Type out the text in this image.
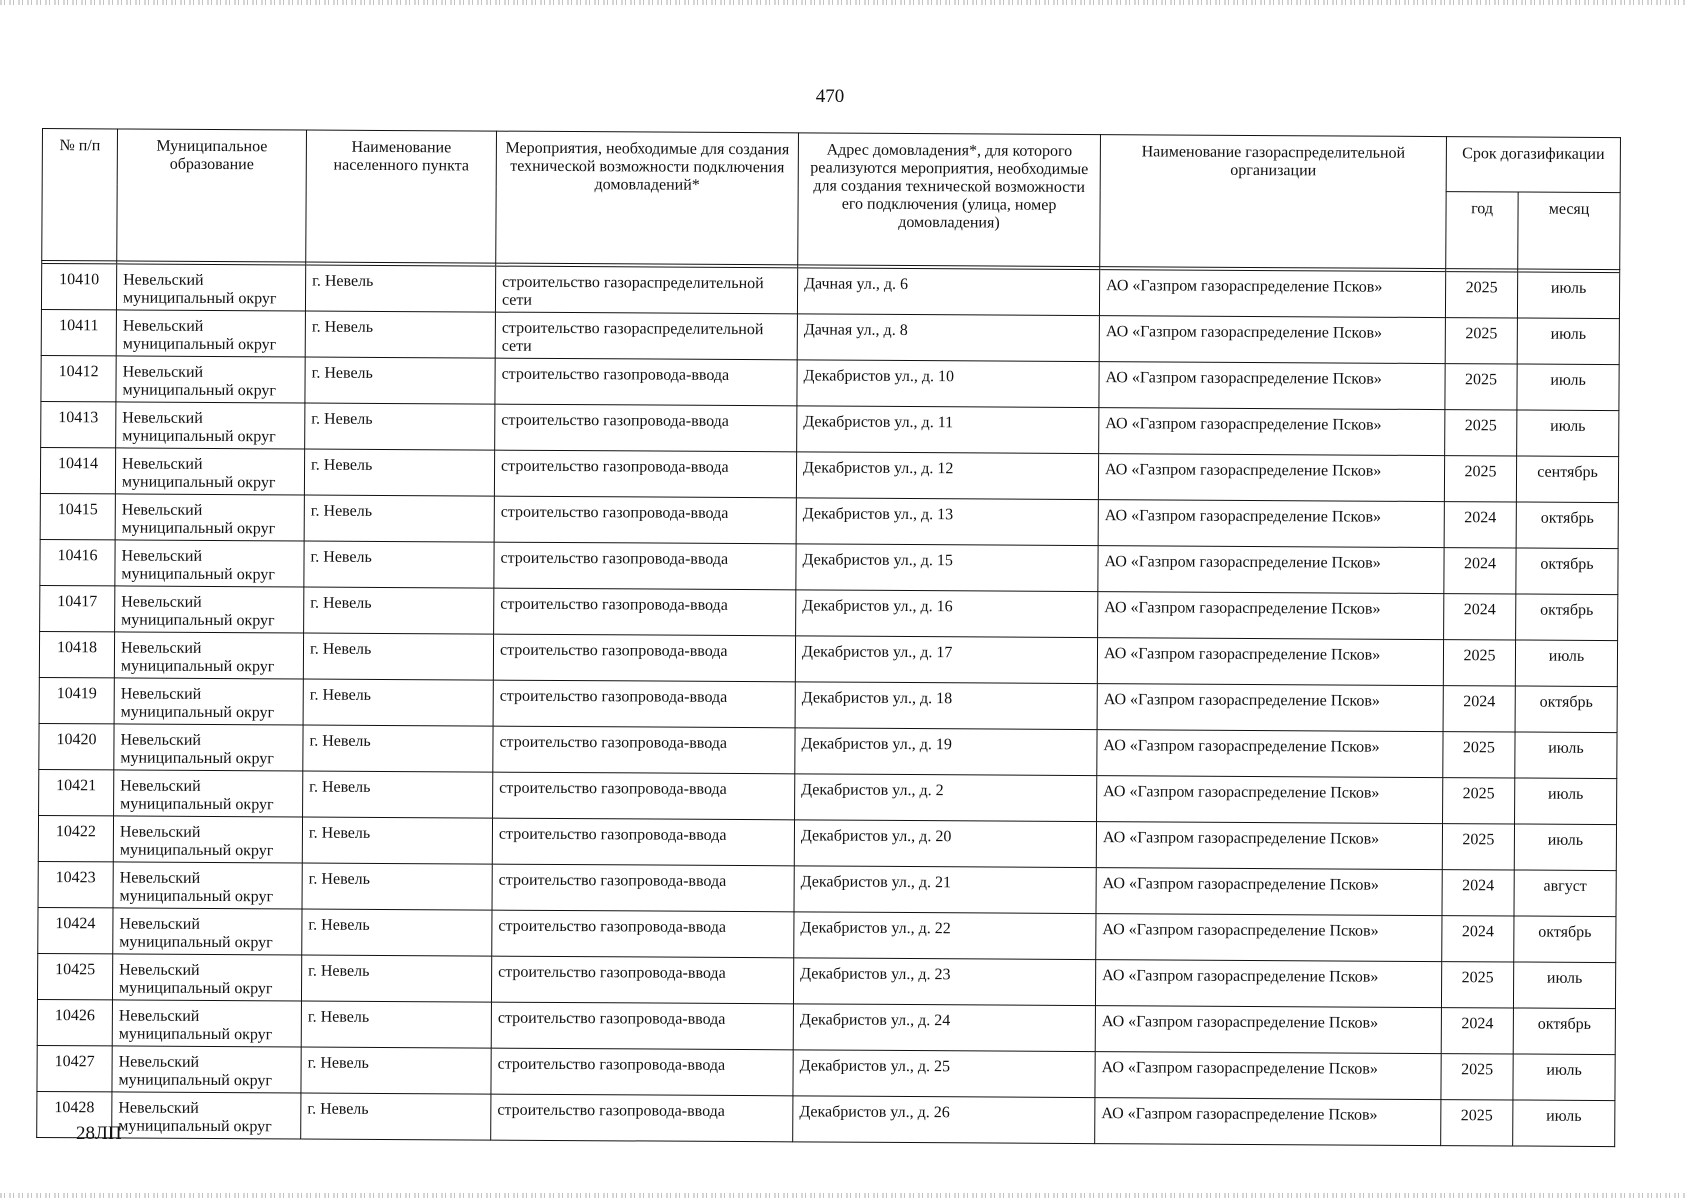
470
№ п/п	Муниципальное образование	Наименование населенного пункта	Мероприятия, необходимые для создания технической возможности подключения домовладений*	Адрес домовладения*, для которого реализуются мероприятия, необходимые для создания технической возможности его подключения (улица, номер домовладения)	Наименование газораспределительной организации	Срок догазификации	
						год	месяц

10410	Невельский муниципальный округ	г. Невель	строительство газораспределительной сети	Дачная ул., д. 6	АО «Газпром газораспределение Псков»	2025	июль
10411	Невельский муниципальный округ	г. Невель	строительство газораспределительной сети	Дачная ул., д. 8	АО «Газпром газораспределение Псков»	2025	июль
10412	Невельский муниципальный округ	г. Невель	строительство газопровода-ввода	Декабристов ул., д. 10	АО «Газпром газораспределение Псков»	2025	июль
10413	Невельский муниципальный округ	г. Невель	строительство газопровода-ввода	Декабристов ул., д. 11	АО «Газпром газораспределение Псков»	2025	июль
10414	Невельский муниципальный округ	г. Невель	строительство газопровода-ввода	Декабристов ул., д. 12	АО «Газпром газораспределение Псков»	2025	сентябрь
10415	Невельский муниципальный округ	г. Невель	строительство газопровода-ввода	Декабристов ул., д. 13	АО «Газпром газораспределение Псков»	2024	октябрь
10416	Невельский муниципальный округ	г. Невель	строительство газопровода-ввода	Декабристов ул., д. 15	АО «Газпром газораспределение Псков»	2024	октябрь
10417	Невельский муниципальный округ	г. Невель	строительство газопровода-ввода	Декабристов ул., д. 16	АО «Газпром газораспределение Псков»	2024	октябрь
10418	Невельский муниципальный округ	г. Невель	строительство газопровода-ввода	Декабристов ул., д. 17	АО «Газпром газораспределение Псков»	2025	июль
10419	Невельский муниципальный округ	г. Невель	строительство газопровода-ввода	Декабристов ул., д. 18	АО «Газпром газораспределение Псков»	2024	октябрь
10420	Невельский муниципальный округ	г. Невель	строительство газопровода-ввода	Декабристов ул., д. 19	АО «Газпром газораспределение Псков»	2025	июль
10421	Невельский муниципальный округ	г. Невель	строительство газопровода-ввода	Декабристов ул., д. 2	АО «Газпром газораспределение Псков»	2025	июль
10422	Невельский муниципальный округ	г. Невель	строительство газопровода-ввода	Декабристов ул., д. 20	АО «Газпром газораспределение Псков»	2025	июль
10423	Невельский муниципальный округ	г. Невель	строительство газопровода-ввода	Декабристов ул., д. 21	АО «Газпром газораспределение Псков»	2024	август
10424	Невельский муниципальный округ	г. Невель	строительство газопровода-ввода	Декабристов ул., д. 22	АО «Газпром газораспределение Псков»	2024	октябрь
10425	Невельский муниципальный округ	г. Невель	строительство газопровода-ввода	Декабристов ул., д. 23	АО «Газпром газораспределение Псков»	2025	июль
10426	Невельский муниципальный округ	г. Невель	строительство газопровода-ввода	Декабристов ул., д. 24	АО «Газпром газораспределение Псков»	2024	октябрь
10427	Невельский муниципальный округ	г. Невель	строительство газопровода-ввода	Декабристов ул., д. 25	АО «Газпром газораспределение Псков»	2025	июль
10428	Невельский муниципальный округ	г. Невель	строительство газопровода-ввода	Декабристов ул., д. 26	АО «Газпром газораспределение Псков»	2025	июль
28ЛП
